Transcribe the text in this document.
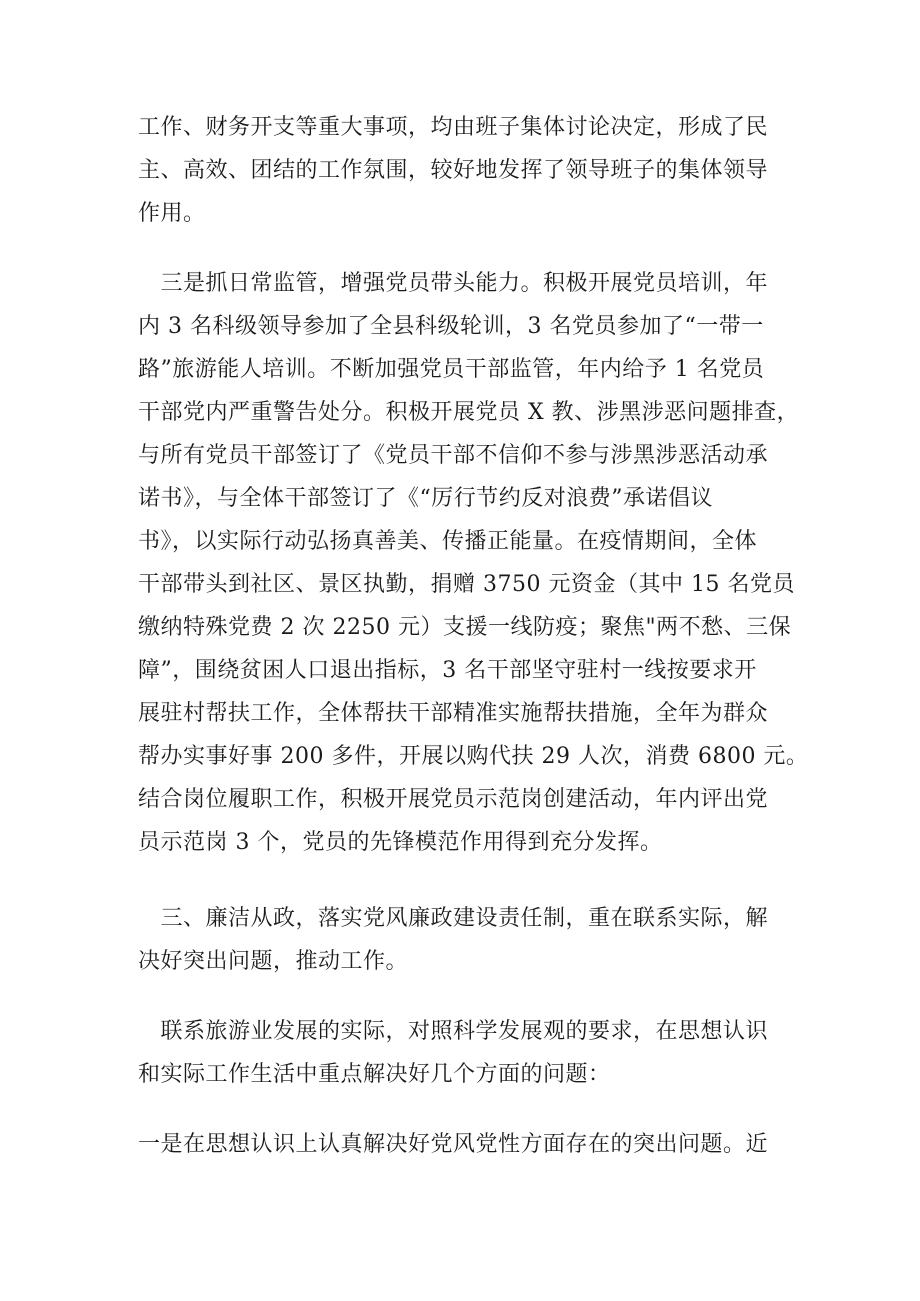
工作、财务开支等重大事项，均由班子集体讨论决定，形成了民
主、高效、团结的工作氛围，较好地发挥了领导班子的集体领导
作用。

　三是抓日常监管，增强党员带头能力。积极开展党员培训，年
内 3 名科级领导参加了全县科级轮训，3 名党员参加了“一带一
路”旅游能人培训。不断加强党员干部监管，年内给予 1 名党员
干部党内严重警告处分。积极开展党员 X 教、涉黑涉恶问题排查，
与所有党员干部签订了《党员干部不信仰不参与涉黑涉恶活动承
诺书》，与全体干部签订了《“厉行节约反对浪费”承诺倡议
书》，以实际行动弘扬真善美、传播正能量。在疫情期间，全体
干部带头到社区、景区执勤，捐赠 3750 元资金（其中 15 名党员
缴纳特殊党费 2 次 2250 元）支援一线防疫；聚焦"两不愁、三保
障”，围绕贫困人口退出指标，3 名干部坚守驻村一线按要求开
展驻村帮扶工作，全体帮扶干部精准实施帮扶措施，全年为群众
帮办实事好事 200 多件，开展以购代扶 29 人次，消费 6800 元。
结合岗位履职工作，积极开展党员示范岗创建活动，年内评出党
员示范岗 3 个，党员的先锋模范作用得到充分发挥。

　三、廉洁从政，落实党风廉政建设责任制，重在联系实际，解
决好突出问题，推动工作。

　联系旅游业发展的实际，对照科学发展观的要求，在思想认识
和实际工作生活中重点解决好几个方面的问题：

一是在思想认识上认真解决好党风党性方面存在的突出问题。近
